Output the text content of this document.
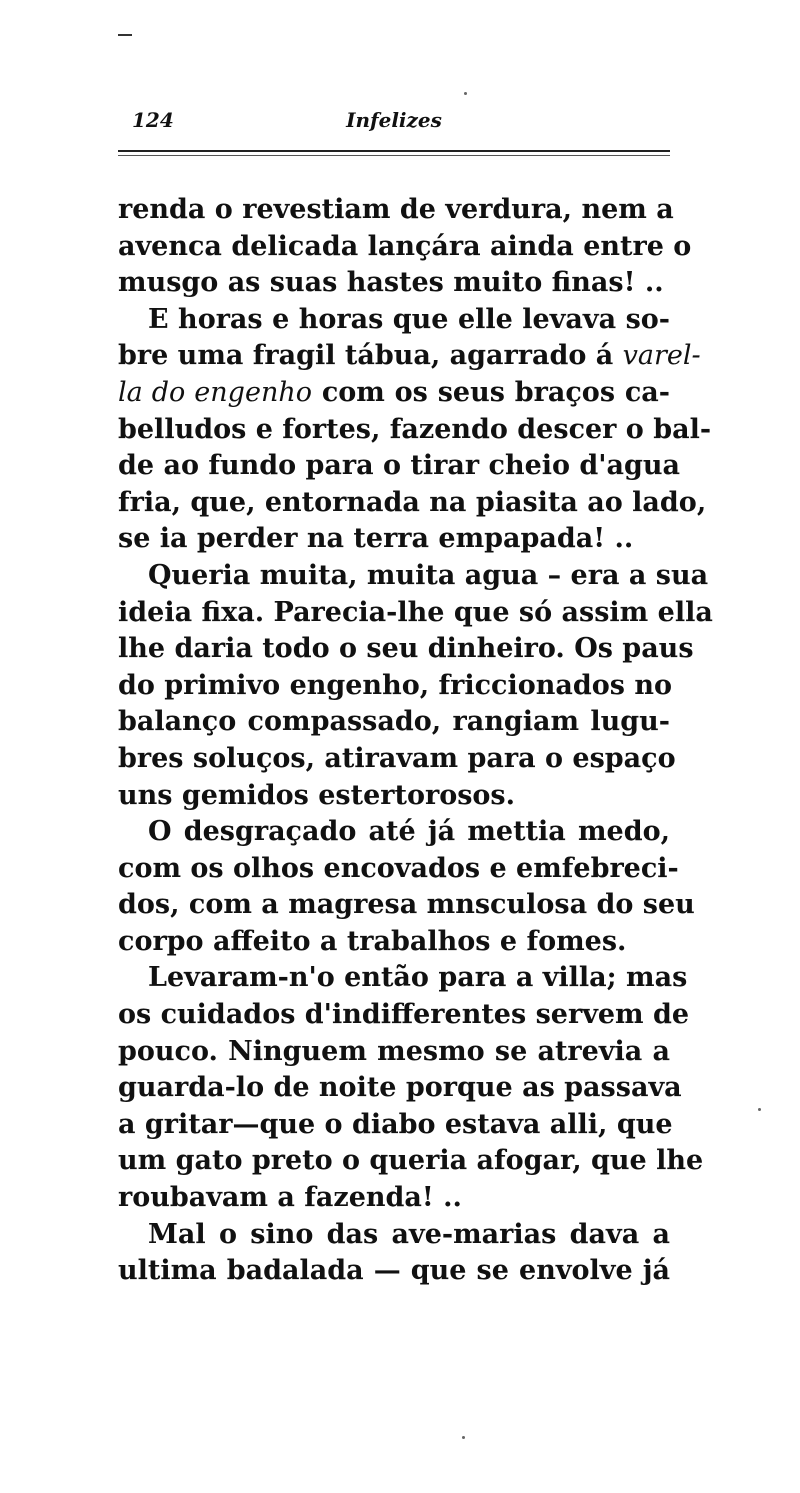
124	Infelizes
renda o revestiam de verdura, nem a
avenca delicada lançára ainda entre o
musgo as suas hastes muito finas! ..
E horas e horas que elle levava so-
bre uma fragil tábua, agarrado á varel-
la do engenho com os seus braços ca-
belludos e fortes, fazendo descer o bal-
de ao fundo para o tirar cheio d'agua
fria, que, entornada na piasita ao lado,
se ia perder na terra empapada! ..
Queria muita, muita agua – era a sua
ideia fixa. Parecia-lhe que só assim ella
lhe daria todo o seu dinheiro. Os paus
do primivo engenho, friccionados no
balanço compassado, rangiam lugu-
bres soluços, atiravam para o espaço
uns gemidos estertorosos.
O desgraçado até já mettia medo,
com os olhos encovados e emfebreci-
dos, com a magresa mnsculosa do seu
corpo affeito a trabalhos e fomes.
Levaram-n'o então para a villa; mas
os cuidados d'indifferentes servem de
pouco. Ninguem mesmo se atrevia a
guarda-lo de noite porque as passava
a gritar—que o diabo estava alli, que
um gato preto o queria afogar, que lhe
roubavam a fazenda! ..
Mal o sino das ave-marias dava a
ultima badalada — que se envolve já
